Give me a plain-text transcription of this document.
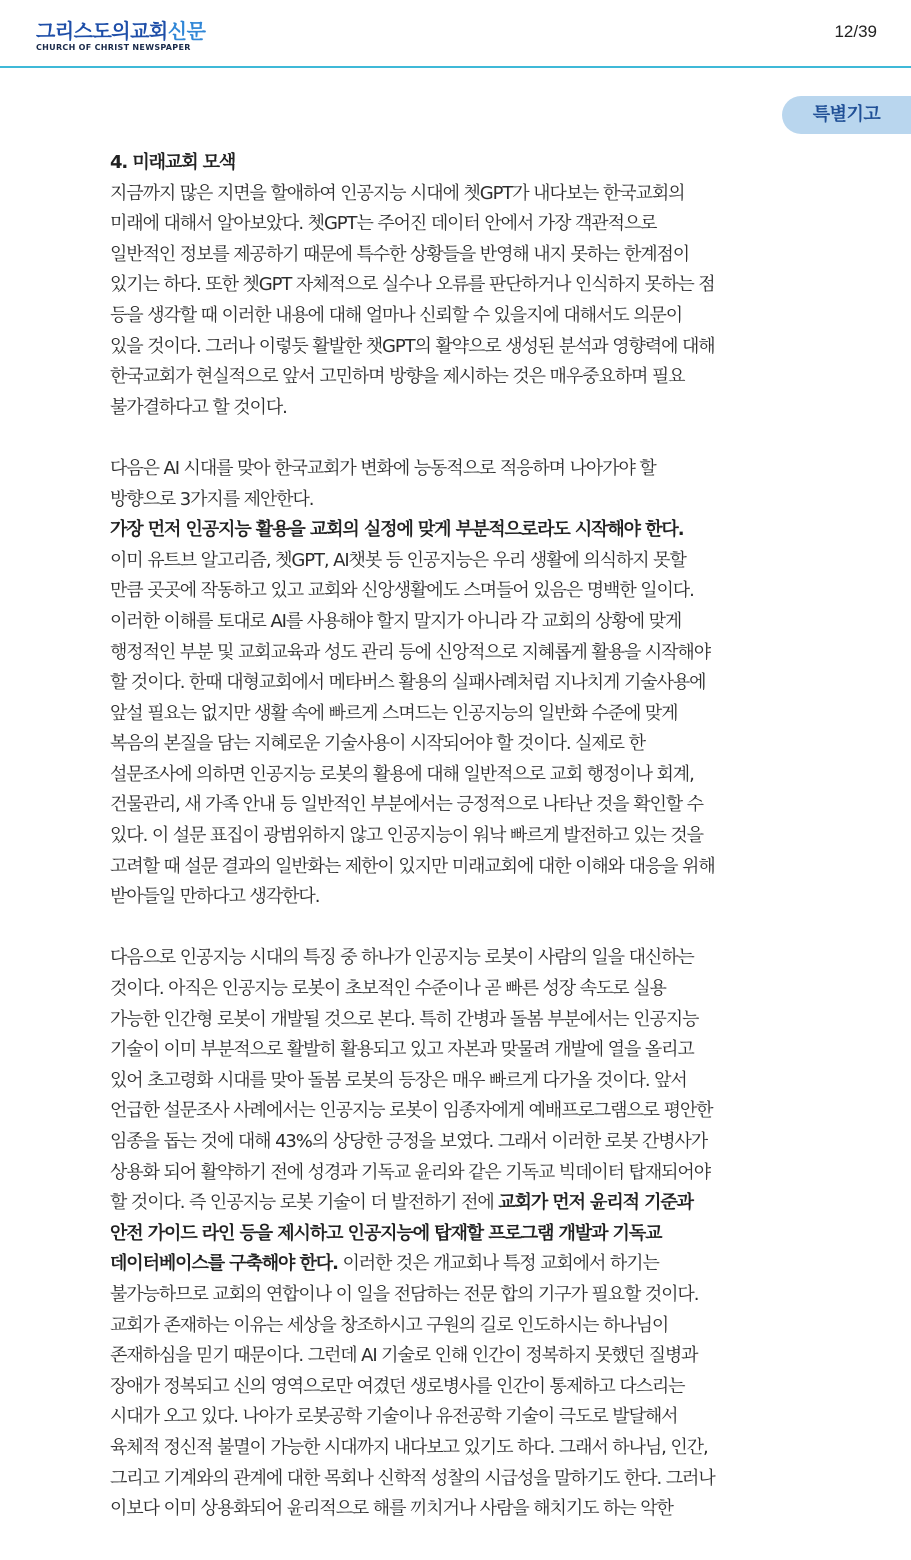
그리스도의교회신문
CHURCH OF CHRIST NEWSPAPER
12/39
특별기고
4. 미래교회 모색
지금까지 많은 지면을 할애하여 인공지능 시대에 쳇GPT가 내다보는 한국교회의
미래에 대해서 알아보았다. 쳇GPT는 주어진 데이터 안에서 가장 객관적으로
일반적인 정보를 제공하기 때문에 특수한 상황들을 반영해 내지 못하는 한계점이
있기는 하다. 또한 쳇GPT 자체적으로 실수나 오류를 판단하거나 인식하지 못하는 점
등을 생각할 때 이러한 내용에 대해 얼마나 신뢰할 수 있을지에 대해서도 의문이
있을 것이다. 그러나 이렇듯 활발한 챗GPT의 활약으로 생성된 분석과 영향력에 대해
한국교회가 현실적으로 앞서 고민하며 방향을 제시하는 것은 매우중요하며 필요
불가결하다고 할 것이다.
다음은 AI 시대를 맞아 한국교회가 변화에 능동적으로 적응하며 나아가야 할
방향으로 3가지를 제안한다.
가장 먼저 인공지능 활용을 교회의 실정에 맞게 부분적으로라도 시작해야 한다.
이미 유트브 알고리즘, 쳇GPT, AI챗봇 등 인공지능은 우리 생활에 의식하지 못할
만큼 곳곳에 작동하고 있고 교회와 신앙생활에도 스며들어 있음은 명백한 일이다.
이러한 이해를 토대로 AI를 사용해야 할지 말지가 아니라 각 교회의 상황에 맞게
행정적인 부분 및 교회교육과 성도 관리 등에 신앙적으로 지혜롭게 활용을 시작해야
할 것이다. 한때 대형교회에서 메타버스 활용의 실패사례처럼 지나치게 기술사용에
앞설 필요는 없지만 생활 속에 빠르게 스며드는 인공지능의 일반화 수준에 맞게
복음의 본질을 담는 지혜로운 기술사용이 시작되어야 할 것이다. 실제로 한
설문조사에 의하면 인공지능 로봇의 활용에 대해 일반적으로 교회 행정이나 회계,
건물관리, 새 가족 안내 등 일반적인 부분에서는 긍정적으로 나타난 것을 확인할 수
있다. 이 설문 표집이 광범위하지 않고 인공지능이 워낙 빠르게 발전하고 있는 것을
고려할 때 설문 결과의 일반화는 제한이 있지만 미래교회에 대한 이해와 대응을 위해
받아들일 만하다고 생각한다.
다음으로 인공지능 시대의 특징 중 하나가 인공지능 로봇이 사람의 일을 대신하는
것이다. 아직은 인공지능 로봇이 초보적인 수준이나 곧 빠른 성장 속도로 실용
가능한 인간형 로봇이 개발될 것으로 본다. 특히 간병과 돌봄 부분에서는 인공지능
기술이 이미 부분적으로 활발히 활용되고 있고 자본과 맞물려 개발에 열을 올리고
있어 초고령화 시대를 맞아 돌봄 로봇의 등장은 매우 빠르게 다가올 것이다. 앞서
언급한 설문조사 사례에서는 인공지능 로봇이 임종자에게 예배프로그램으로 평안한
임종을 돕는 것에 대해 43%의 상당한 긍정을 보였다. 그래서 이러한 로봇 간병사가
상용화 되어 활약하기 전에 성경과 기독교 윤리와 같은 기독교 빅데이터 탑재되어야
할 것이다. 즉 인공지능 로봇 기술이 더 발전하기 전에 교회가 먼저 윤리적 기준과
안전 가이드 라인 등을 제시하고 인공지능에 탑재할 프로그램 개발과 기독교
데이터베이스를 구축해야 한다. 이러한 것은 개교회나 특정 교회에서 하기는
불가능하므로 교회의 연합이나 이 일을 전담하는 전문 합의 기구가 필요할 것이다.
교회가 존재하는 이유는 세상을 창조하시고 구원의 길로 인도하시는 하나님이
존재하심을 믿기 때문이다. 그런데 AI 기술로 인해 인간이 정복하지 못했던 질병과
장애가 정복되고 신의 영역으로만 여겼던 생로병사를 인간이 통제하고 다스리는
시대가 오고 있다. 나아가 로봇공학 기술이나 유전공학 기술이 극도로 발달해서
육체적 정신적 불멸이 가능한 시대까지 내다보고 있기도 하다. 그래서 하나님, 인간,
그리고 기계와의 관계에 대한 목회나 신학적 성찰의 시급성을 말하기도 한다. 그러나
이보다 이미 상용화되어 윤리적으로 해를 끼치거나 사람을 해치기도 하는 악한
